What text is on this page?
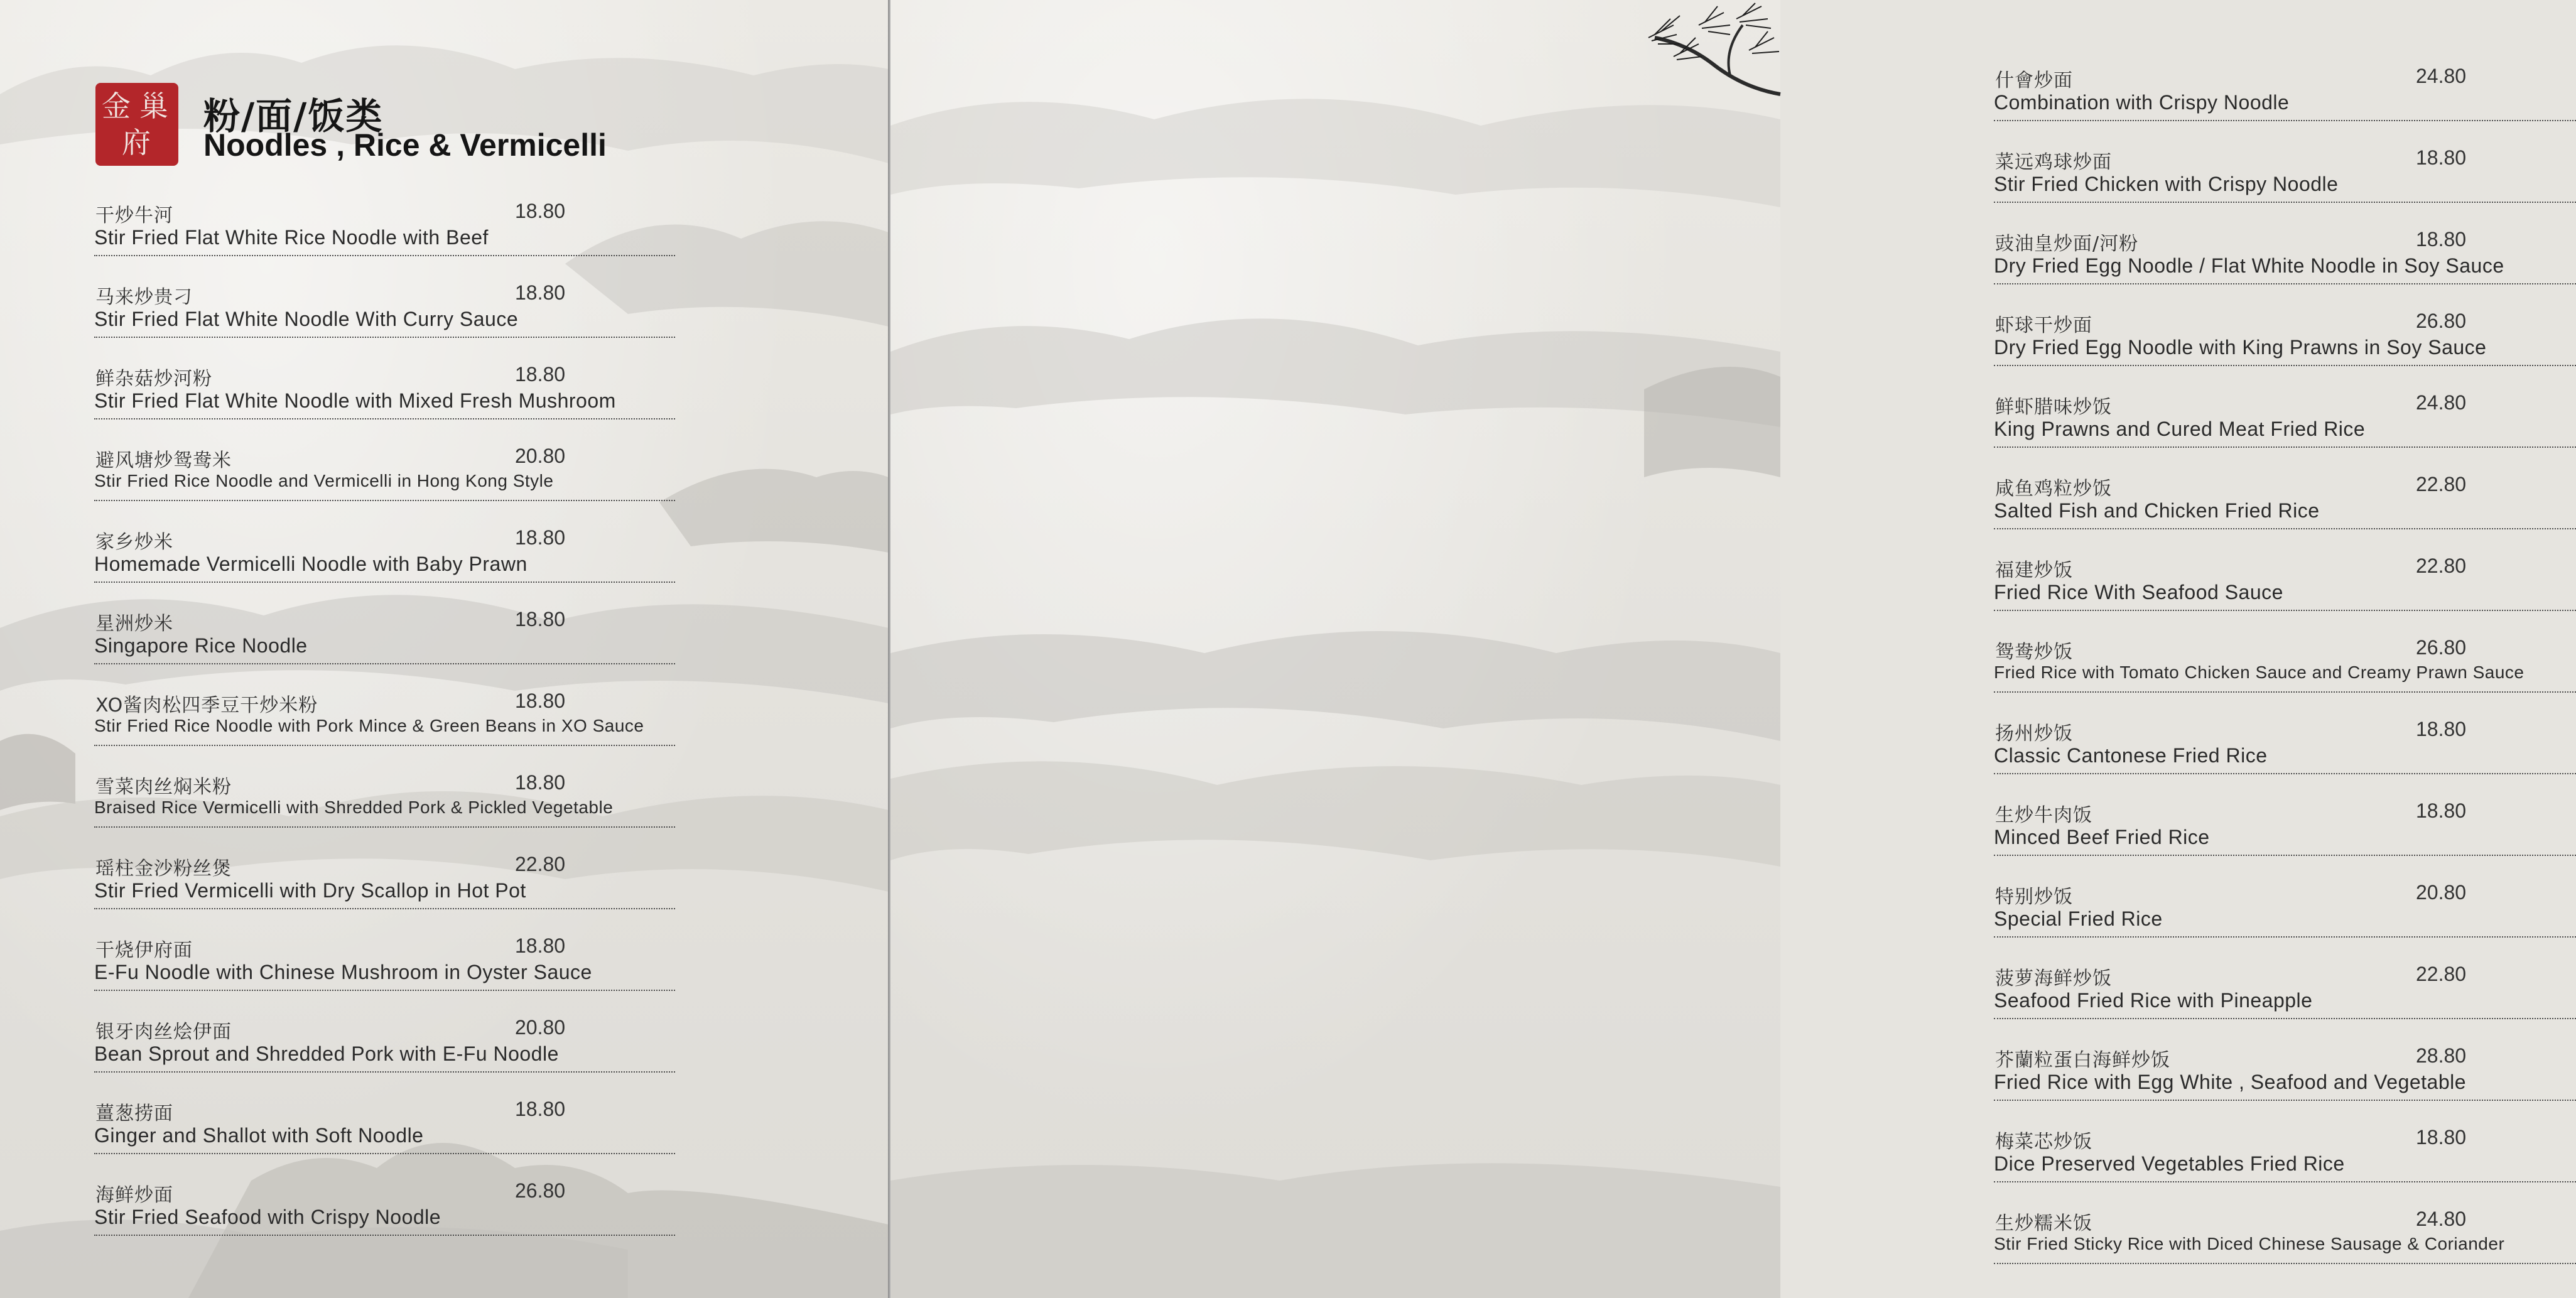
金 巢
府
粉/面/饭类
Noodles , Rice & Vermicelli
干炒牛河	18.80
Stir Fried Flat White Rice Noodle with Beef
马来炒贵刁	18.80
Stir Fried Flat White Noodle With Curry Sauce
鲜杂菇炒河粉	18.80
Stir Fried Flat White Noodle with Mixed Fresh Mushroom
避风塘炒鸳鸯米	20.80
Stir Fried Rice Noodle and Vermicelli in Hong Kong Style
家乡炒米	18.80
Homemade Vermicelli Noodle with Baby Prawn
星洲炒米	18.80
Singapore Rice Noodle
XO酱肉松四季豆干炒米粉	18.80
Stir Fried Rice Noodle with Pork Mince & Green Beans in XO Sauce
雪菜肉丝焖米粉	18.80
Braised Rice Vermicelli with Shredded Pork & Pickled Vegetable
瑶柱金沙粉丝煲	22.80
Stir Fried Vermicelli with Dry Scallop in Hot Pot
干烧伊府面	18.80
E-Fu Noodle with Chinese Mushroom in Oyster Sauce
银牙肉丝烩伊面	20.80
Bean Sprout and Shredded Pork with E-Fu Noodle
薑葱捞面	18.80
Ginger and Shallot with Soft Noodle
海鲜炒面	26.80
Stir Fried Seafood with Crispy Noodle
什會炒面	24.80
Combination with Crispy Noodle
菜远鸡球炒面	18.80
Stir Fried Chicken with Crispy Noodle
豉油皇炒面/河粉	18.80
Dry Fried Egg Noodle / Flat White Noodle in Soy Sauce
虾球干炒面	26.80
Dry Fried Egg Noodle with King Prawns in Soy Sauce
鲜虾腊味炒饭	24.80
King Prawns and Cured Meat Fried Rice
咸鱼鸡粒炒饭	22.80
Salted Fish and Chicken Fried Rice
福建炒饭	22.80
Fried Rice With Seafood Sauce
鸳鸯炒饭	26.80
Fried Rice with Tomato Chicken Sauce and Creamy Prawn Sauce
扬州炒饭	18.80
Classic Cantonese Fried Rice
生炒牛肉饭	18.80
Minced Beef Fried Rice
特别炒饭	20.80
Special Fried Rice
菠萝海鲜炒饭	22.80
Seafood Fried Rice with Pineapple
芥蘭粒蛋白海鲜炒饭	28.80
Fried Rice with Egg White , Seafood and Vegetable
梅菜芯炒饭	18.80
Dice Preserved Vegetables Fried Rice
生炒糯米饭	24.80
Stir Fried Sticky Rice with Diced Chinese Sausage & Coriander
